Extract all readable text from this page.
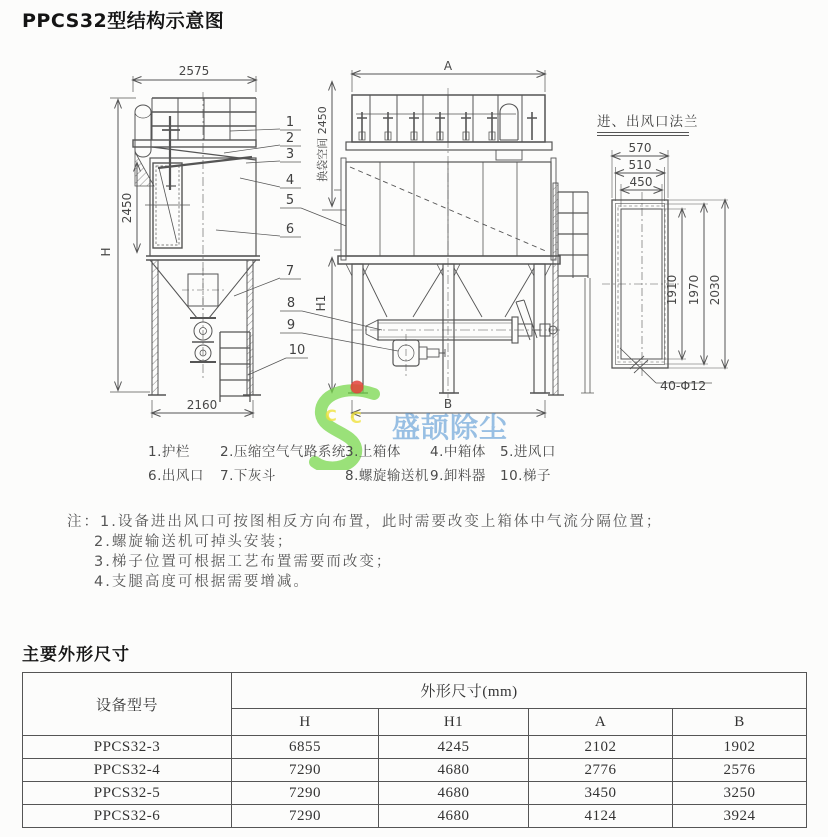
PPCS32型结构示意图
1
2
3
4
5
6
7
8
9
10
2575
2450
H
2160
换袋空间 2450
A
B
H1
进、出风口法兰
570
510
450
1910 1970 2030
40-Φ12
C C 盛颉除尘
1.护栏 2.压缩空气气路系统 3.上箱体 4.中箱体 5.进风口
6.出风口 7.下灰斗	8.螺旋输送机 9.卸料器 10.梯子
注：1.设备进出风口可按图相反方向布置，此时需要改变上箱体中气流分隔位置；
2.螺旋输送机可掉头安装；
3.梯子位置可根据工艺布置需要而改变；
4.支腿高度可根据需要增减。
主要外形尺寸
设备型号	外形尺寸(mm)			
	H	H1	A	B
PPCS32-3	6855	4245	2102	1902
PPCS32-4	7290	4680	2776	2576
PPCS32-5	7290	4680	3450	3250
PPCS32-6	7290	4680	4124	3924
